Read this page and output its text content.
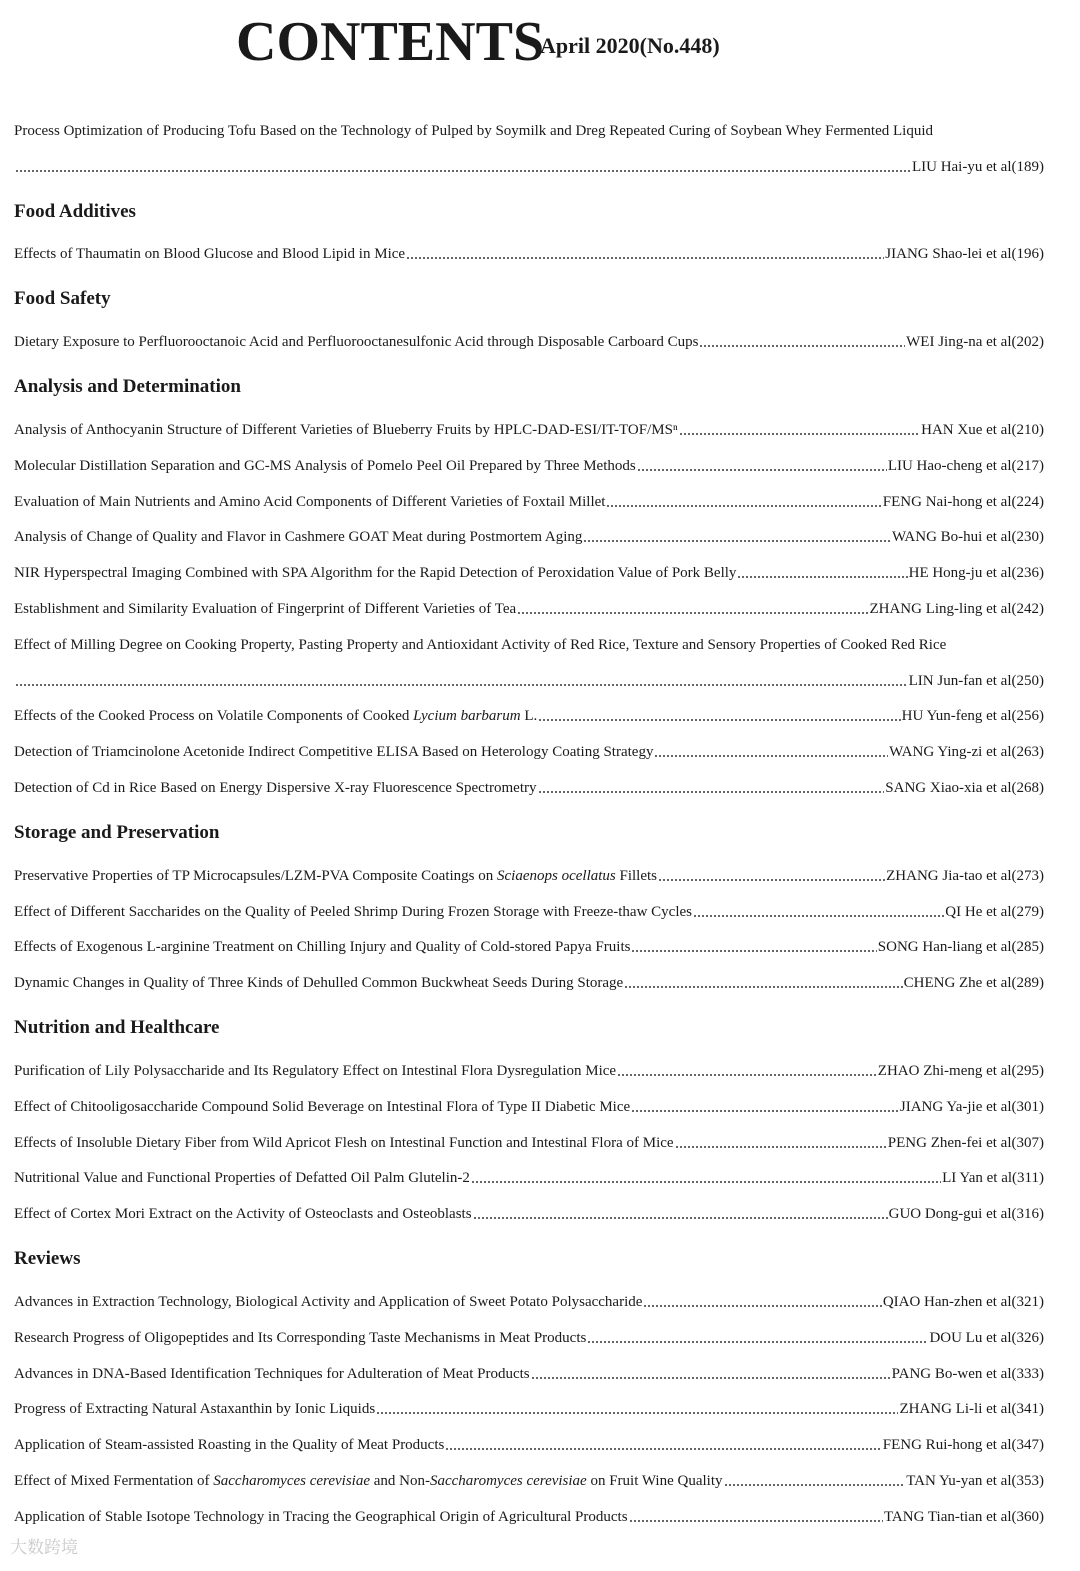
CONTENTS
April 2020(No.448)
Process Optimization of Producing Tofu Based on the Technology of Pulped by Soymilk and Dreg Repeated Curing of Soybean Whey Fermented Liquid
LIU Hai-yu et al(189)
Food Additives
Effects of Thaumatin on Blood Glucose and Blood Lipid in Mice	JIANG Shao-lei et al(196)
Food Safety
Dietary Exposure to Perfluorooctanoic Acid and Perfluorooctanesulfonic Acid through Disposable Carboard Cups	WEI Jing-na et al(202)
Analysis and Determination
Analysis of Anthocyanin Structure of Different Varieties of Blueberry Fruits by HPLC-DAD-ESI/IT-TOF/MSⁿ	HAN Xue et al(210)
Molecular Distillation Separation and GC-MS Analysis of Pomelo Peel Oil Prepared by Three Methods	LIU Hao-cheng et al(217)
Evaluation of Main Nutrients and Amino Acid Components of Different Varieties of Foxtail Millet	FENG Nai-hong et al(224)
Analysis of Change of Quality and Flavor in Cashmere GOAT Meat during Postmortem Aging	WANG Bo-hui et al(230)
NIR Hyperspectral Imaging Combined with SPA Algorithm for the Rapid Detection of Peroxidation Value of Pork Belly	HE Hong-ju et al(236)
Establishment and Similarity Evaluation of Fingerprint of Different Varieties of Tea	ZHANG Ling-ling et al(242)
Effect of Milling Degree on Cooking Property, Pasting Property and Antioxidant Activity of Red Rice, Texture and Sensory Properties of Cooked Red Rice
LIN Jun-fan et al(250)
Effects of the Cooked Process on Volatile Components of Cooked Lycium barbarum L.	HU Yun-feng et al(256)
Detection of Triamcinolone Acetonide Indirect Competitive ELISA Based on Heterology Coating Strategy	WANG Ying-zi et al(263)
Detection of Cd in Rice Based on Energy Dispersive X-ray Fluorescence Spectrometry	SANG Xiao-xia et al(268)
Storage and Preservation
Preservative Properties of TP Microcapsules/LZM-PVA Composite Coatings on Sciaenops ocellatus Fillets	ZHANG Jia-tao et al(273)
Effect of Different Saccharides on the Quality of Peeled Shrimp During Frozen Storage with Freeze-thaw Cycles	QI He et al(279)
Effects of Exogenous L-arginine Treatment on Chilling Injury and Quality of Cold-stored Papya Fruits	SONG Han-liang et al(285)
Dynamic Changes in Quality of Three Kinds of Dehulled Common Buckwheat Seeds During Storage	CHENG Zhe et al(289)
Nutrition and Healthcare
Purification of Lily Polysaccharide and Its Regulatory Effect on Intestinal Flora Dysregulation Mice	ZHAO Zhi-meng et al(295)
Effect of Chitooligosaccharide Compound Solid Beverage on Intestinal Flora of Type II Diabetic Mice	JIANG Ya-jie et al(301)
Effects of Insoluble Dietary Fiber from Wild Apricot Flesh on Intestinal Function and Intestinal Flora of Mice	PENG Zhen-fei et al(307)
Nutritional Value and Functional Properties of Defatted Oil Palm Glutelin-2	LI Yan et al(311)
Effect of Cortex Mori Extract on the Activity of Osteoclasts and Osteoblasts	GUO Dong-gui et al(316)
Reviews
Advances in Extraction Technology, Biological Activity and Application of Sweet Potato Polysaccharide	QIAO Han-zhen et al(321)
Research Progress of Oligopeptides and Its Corresponding Taste Mechanisms in Meat Products	DOU Lu et al(326)
Advances in DNA-Based Identification Techniques for Adulteration of Meat Products	PANG Bo-wen et al(333)
Progress of Extracting Natural Astaxanthin by Ionic Liquids	ZHANG Li-li et al(341)
Application of Steam-assisted Roasting in the Quality of Meat Products	FENG Rui-hong et al(347)
Effect of Mixed Fermentation of Saccharomyces cerevisiae and Non-Saccharomyces cerevisiae on Fruit Wine Quality	TAN Yu-yan et al(353)
Application of Stable Isotope Technology in Tracing the Geographical Origin of Agricultural Products	TANG Tian-tian et al(360)
大数跨境
